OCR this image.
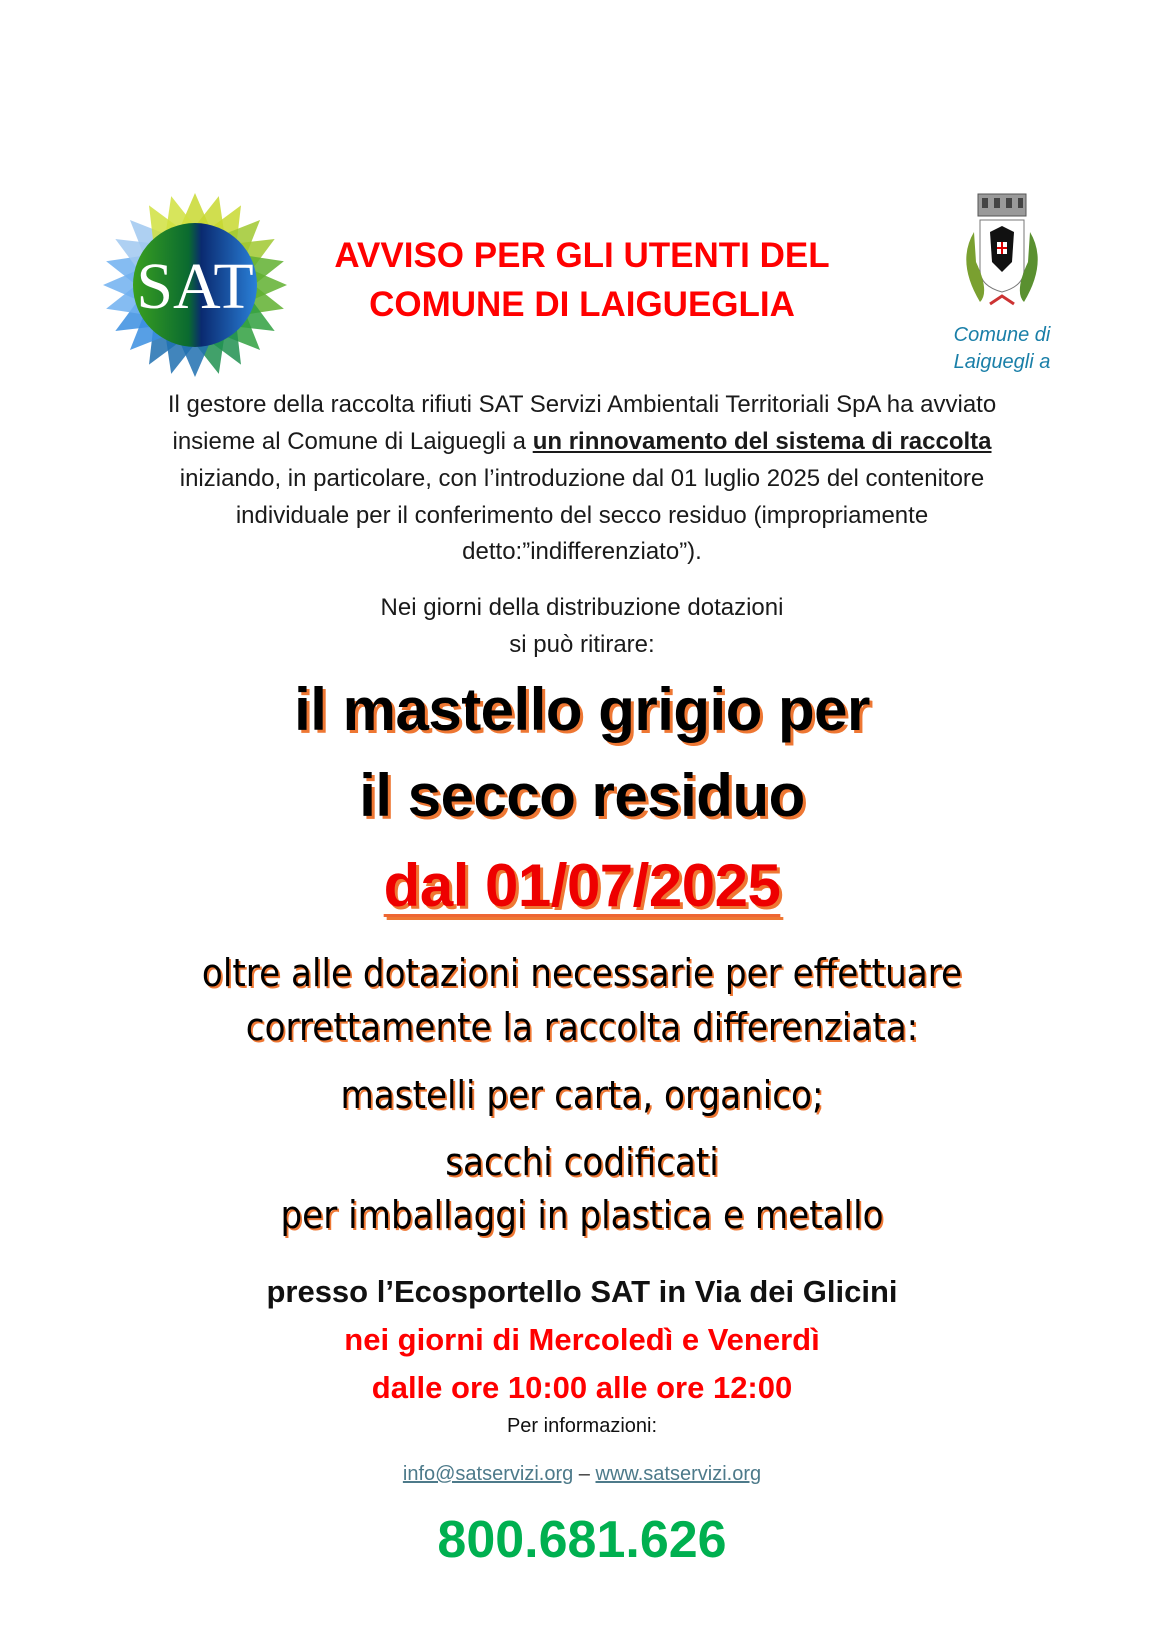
SAT	AVVISO PER GLI UTENTI DEL
COMUNE DI LAIGUEGLIA
Comune di
Laiguegli a
Il gestore della raccolta rifiuti SAT Servizi Ambientali Territoriali SpA ha avviato
insieme al Comune di Laiguegli a un rinnovamento del sistema di raccolta
iniziando, in particolare, con l’introduzione dal 01 luglio 2025 del contenitore
individuale per il conferimento del secco residuo (impropriamente
detto:”indifferenziato”).
Nei giorni della distribuzione dotazioni
si può ritirare:
il mastello grigio per
il secco residuo
dal 01/07/2025
oltre alle dotazioni necessarie per effettuare
correttamente la raccolta differenziata:
mastelli per carta, organico;
sacchi codificati
per imballaggi in plastica e metallo
presso l’Ecosportello SAT in Via dei Glicini
nei giorni di Mercoledì e Venerdì
dalle ore 10:00 alle ore 12:00
Per informazioni:
info@satservizi.org – www.satservizi.org
800.681.626
